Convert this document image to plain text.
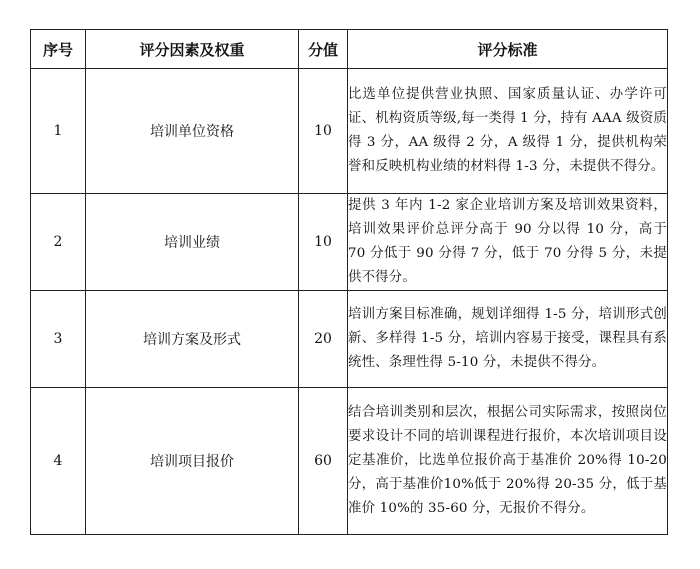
序号	评分因素及权重	分值	评分标准
1	培训单位资格	10	比选单位提供营业执照、国家质量认证、办学许可证、机构资质等级,每一类得 1 分，持有 AAA 级资质得 3 分，AA 级得 2 分，A 级得 1 分，提供机构荣誉和反映机构业绩的材料得 1-3 分，未提供不得分。
2	培训业绩	10	提供 3 年内 1-2 家企业培训方案及培训效果资料，培训效果评价总评分高于 90 分以得 10 分，高于 70 分低于 90 分得 7 分，低于 70 分得 5 分，未提供不得分。
3	培训方案及形式	20	培训方案目标准确，规划详细得 1-5 分，培训形式创新、多样得 1-5 分，培训内容易于接受，课程具有系统性、条理性得 5-10 分，未提供不得分。
4	培训项目报价	60	结合培训类别和层次，根据公司实际需求，按照岗位要求设计不同的培训课程进行报价，本次培训项目设定基准价，比选单位报价高于基准价 20%得 10-20 分，高于基准价10%低于 20%得 20-35 分，低于基准价 10%的 35-60 分，无报价不得分。
